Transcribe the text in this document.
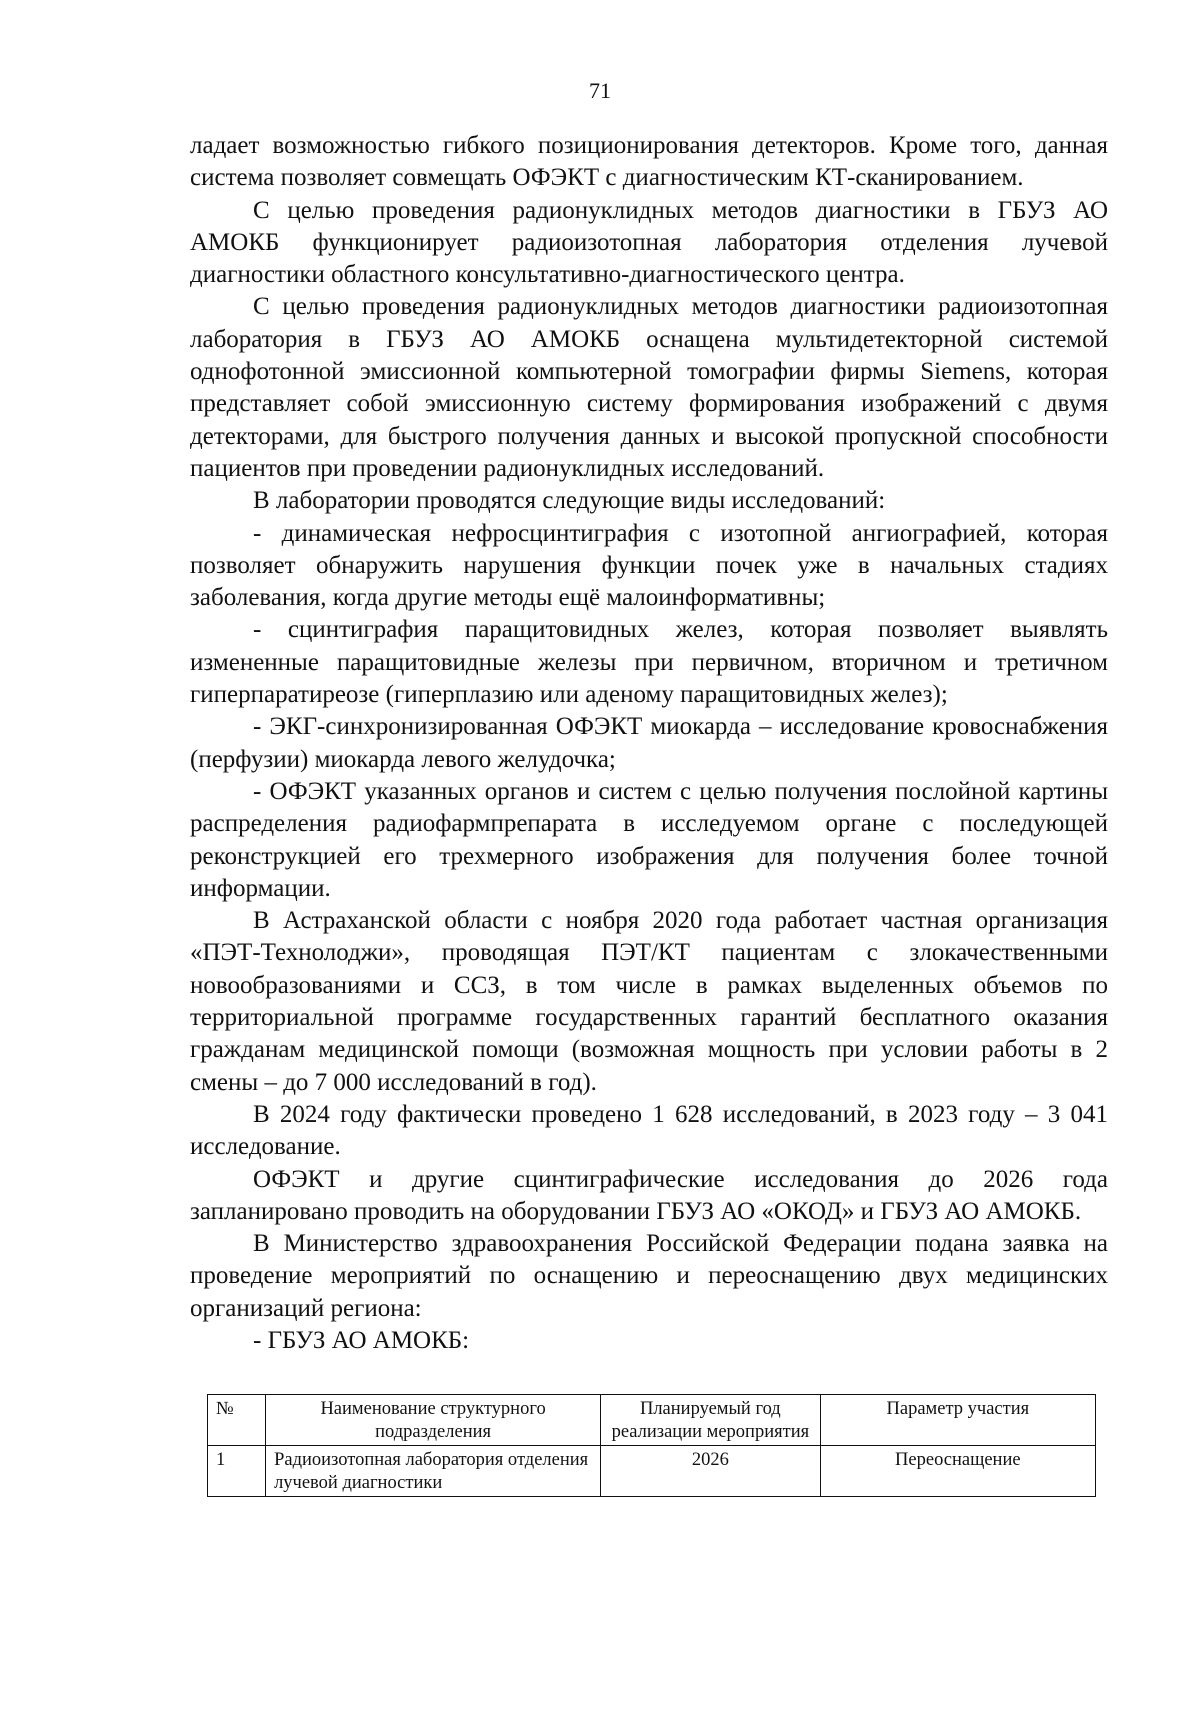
71

ладает возможностью гибкого позиционирования детекторов. Кроме того, данная система позволяет совмещать ОФЭКТ с диагностическим КТ-сканированием.

С целью проведения радионуклидных методов диагностики в ГБУЗ АО АМОКБ функционирует радиоизотопная лаборатория отделения лучевой диагностики областного консультативно-диагностического центра.

С целью проведения радионуклидных методов диагностики радиоизотопная лаборатория в ГБУЗ АО АМОКБ оснащена мультидетекторной системой однофотонной эмиссионной компьютерной томографии фирмы Siemens, которая представляет собой эмиссионную систему формирования изображений с двумя детекторами, для быстрого получения данных и высокой пропускной способности пациентов при проведении радионуклидных исследований.

В лаборатории проводятся следующие виды исследований:

- динамическая нефросцинтиграфия с изотопной ангиографией, которая позволяет обнаружить нарушения функции почек уже в начальных стадиях заболевания, когда другие методы ещё малоинформативны;

- сцинтиграфия паращитовидных желез, которая позволяет выявлять измененные паращитовидные железы при первичном, вторичном и третичном гиперпаратиреозе (гиперплазию или аденому паращитовидных желез);

- ЭКГ-синхронизированная ОФЭКТ миокарда – исследование кровоснабжения (перфузии) миокарда левого желудочка;

- ОФЭКТ указанных органов и систем с целью получения послойной картины распределения радиофармпрепарата в исследуемом органе с последующей реконструкцией его трехмерного изображения для получения более точной информации.

В Астраханской области с ноября 2020 года работает частная организация «ПЭТ-Технолоджи», проводящая ПЭТ/КТ пациентам с злокачественными новообразованиями и ССЗ, в том числе в рамках выделенных объемов по территориальной программе государственных гарантий бесплатного оказания гражданам медицинской помощи (возможная мощность при условии работы в 2 смены – до 7 000 исследований в год).

В 2024 году фактически проведено 1 628 исследований, в 2023 году – 3 041 исследование.

ОФЭКТ и другие сцинтиграфические исследования до 2026 года запланировано проводить на оборудовании ГБУЗ АО «ОКОД» и ГБУЗ АО АМОКБ.

В Министерство здравоохранения Российской Федерации подана заявка на проведение мероприятий по оснащению и переоснащению двух медицинских организаций региона:

- ГБУЗ АО АМОКБ:

№	Наименование структурного подразделения	Планируемый год реализации мероприятия	Параметр участия
1	Радиоизотопная лаборатория отделения лучевой диагностики	2026	Переоснащение
